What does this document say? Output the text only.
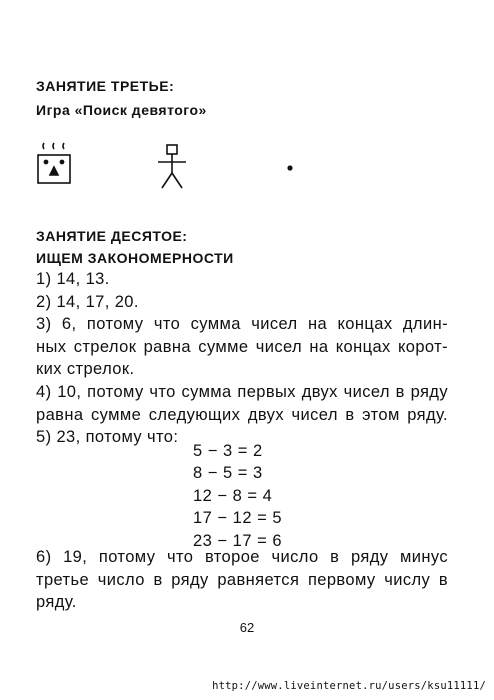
ЗАНЯТИЕ ТРЕТЬЕ:
Игра «Поиск девятого»
ЗАНЯТИЕ ДЕСЯТОЕ:
ИЩЕМ ЗАКОНОМЕРНОСТИ
1) 14, 13.
2) 14, 17, 20.
3) 6, потому что сумма чисел на концах длин-
ных стрелок равна сумме чисел на концах корот-
ких стрелок.
4) 10, потому что сумма первых двух чисел в ряду
равна сумме следующих двух чисел в этом ряду.
5) 23, потому что:
5 − 3 = 2
8 − 5 = 3
12 − 8 = 4
17 − 12 = 5
23 − 17 = 6
6) 19, потому что второе число в ряду минус
третье число в ряду равняется первому числу в
ряду.
62
http://www.liveinternet.ru/users/ksu11111/
